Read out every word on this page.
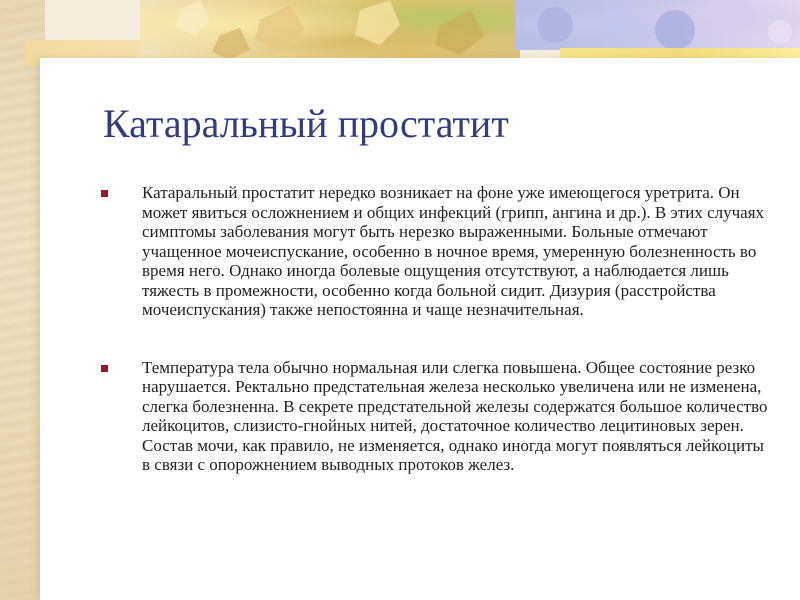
Катаральный простатит
Катаральный простатит нередко возникает на фоне уже имеющегося уретрита. Он может явиться осложнением и общих инфекций (грипп, ангина и др.). В этих случаях симптомы заболевания могут быть нерезко выраженными. Больные отмечают учащенное мочеиспускание, особенно в ночное время, умеренную болезненность во время него. Однако иногда болевые ощущения отсутствуют, а наблюдается лишь тяжесть в промежности, особенно когда больной сидит. Дизурия (расстройства мочеиспускания) также непостоянна и чаще незначительная.
Температура тела обычно нормальная или слегка повышена. Общее состояние резко нарушается. Ректально предстательная железа несколько увеличена или не изменена, слегка болезненна. В секрете предстательной железы содержатся большое количество лейкоцитов, слизисто-гнойных нитей, достаточное количество лецитиновых зерен. Состав мочи, как правило, не изменяется, однако иногда могут появляться лейкоциты в связи с опорожнением выводных протоков желез.
